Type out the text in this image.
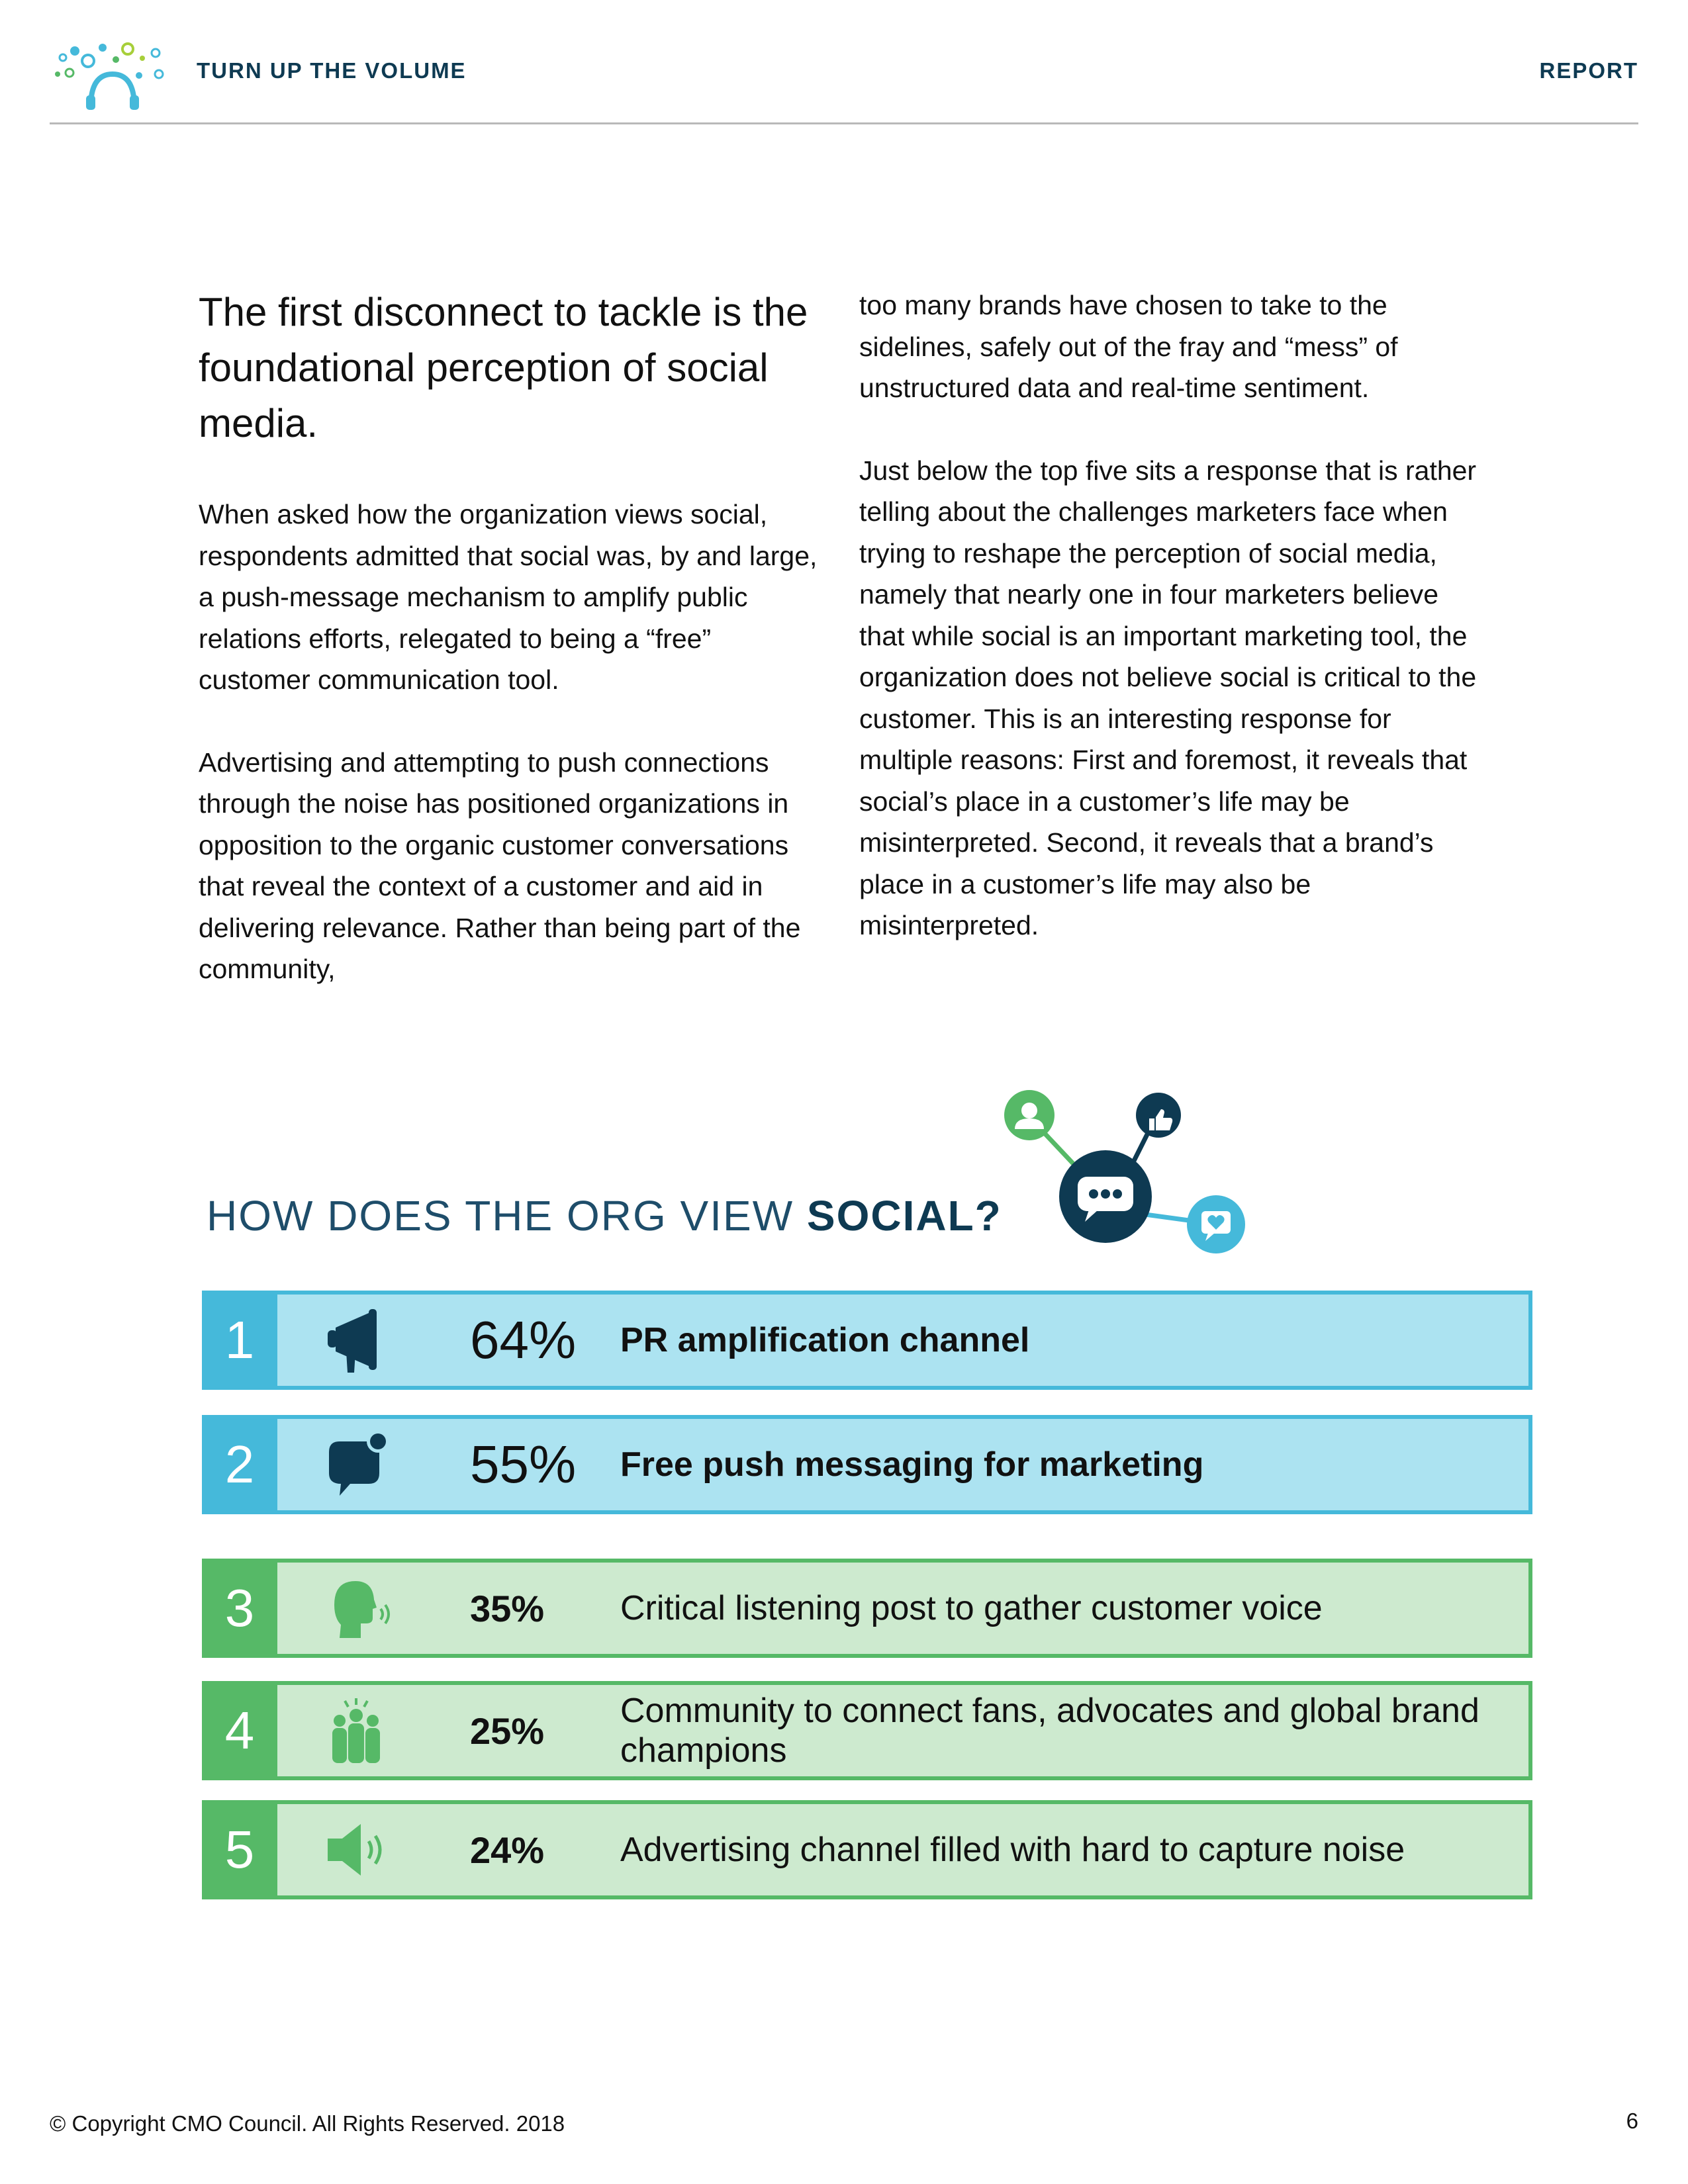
TURN UP THE VOLUME	REPORT
The first disconnect to tackle is the foundational perception of social media.

When asked how the organization views social, respondents admitted that social was, by and large, a push-message mechanism to amplify public relations efforts, relegated to being a “free” customer communication tool.

Advertising and attempting to push connections through the noise has positioned organizations in opposition to the organic customer conversations that reveal the context of a customer and aid in delivering relevance. Rather than being part of the community,

too many brands have chosen to take to the sidelines, safely out of the fray and “mess” of unstructured data and real-time sentiment.

Just below the top five sits a response that is rather telling about the challenges marketers face when trying to reshape the perception of social media, namely that nearly one in four marketers believe that while social is an important marketing tool, the organization does not believe social is critical to the customer. This is an interesting response for multiple reasons: First and foremost, it reveals that social’s place in a customer’s life may be misinterpreted. Second, it reveals that a brand’s place in a customer’s life may also be misinterpreted.

HOW DOES THE ORG VIEW SOCIAL?
1	64% PR amplification channel
2	55% Free push messaging for marketing
3	35% Critical listening post to gather customer voice
4	25% Community to connect fans, advocates and global brand champions
5	24% Advertising channel filled with hard to capture noise
© Copyright CMO Council. All Rights Reserved. 2018	6
